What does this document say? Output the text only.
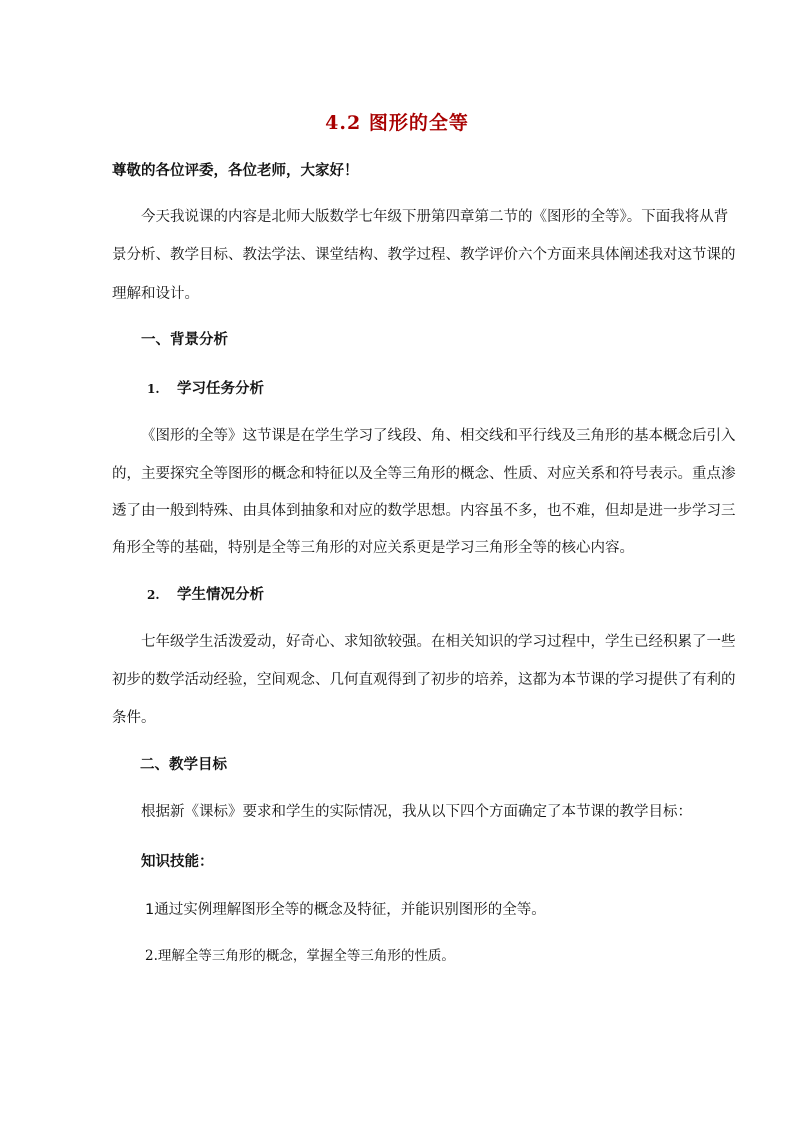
4.2 图形的全等
尊敬的各位评委，各位老师，大家好！
今天我说课的内容是北师大版数学七年级下册第四章第二节的《图形的全等》。下面我将从背
景分析、教学目标、教法学法、课堂结构、教学过程、教学评价六个方面来具体阐述我对这节课的
理解和设计。
一、背景分析
1. 学习任务分析
《图形的全等》这节课是在学生学习了线段、角、相交线和平行线及三角形的基本概念后引入
的，主要探究全等图形的概念和特征以及全等三角形的概念、性质、对应关系和符号表示。重点渗
透了由一般到特殊、由具体到抽象和对应的数学思想。内容虽不多，也不难，但却是进一步学习三
角形全等的基础，特别是全等三角形的对应关系更是学习三角形全等的核心内容。
2. 学生情况分析
七年级学生活泼爱动，好奇心、求知欲较强。在相关知识的学习过程中，学生已经积累了一些
初步的数学活动经验，空间观念、几何直观得到了初步的培养，这都为本节课的学习提供了有利的
条件。
二、教学目标
根据新《课标》要求和学生的实际情况，我从以下四个方面确定了本节课的教学目标：
知识技能：
1通过实例理解图形全等的概念及特征，并能识别图形的全等。
2.理解全等三角形的概念，掌握全等三角形的性质。
